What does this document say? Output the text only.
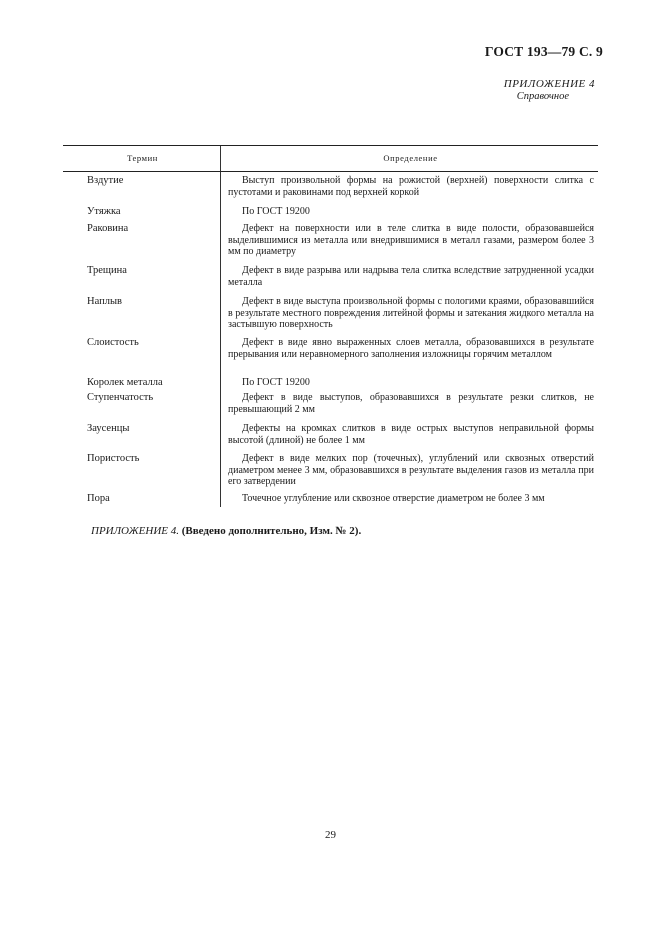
ГОСТ 193—79 С. 9
ПРИЛОЖЕНИЕ 4
Справочное
Термин	Определение
Вздутие	Выступ произвольной формы на рожистой (верхней) поверхности слитка с пустотами и раковинами под верхней коркой
Утяжка	По ГОСТ 19200
Раковина	Дефект на поверхности или в теле слитка в виде полости, образовавшейся выделившимися из металла или внедрившимися в металл газами, размером более 3 мм по диаметру
Трещина	Дефект в виде разрыва или надрыва тела слитка вследствие затрудненной усадки металла
Наплыв	Дефект в виде выступа произвольной формы с пологими краями, образовавшийся в результате местного повреждения литейной формы и затекания жидкого металла на застывшую поверхность
Слоистость	Дефект в виде явно выраженных слоев металла, образовавшихся в результате прерывания или неравномерного заполнения изложницы горячим металлом
Королек металла	По ГОСТ 19200
Ступенчатость	Дефект в виде выступов, образовавшихся в результате резки слитков, не превышающий 2 мм
Заусенцы	Дефекты на кромках слитков в виде острых выступов неправильной формы высотой (длиной) не более 1 мм
Пористость	Дефект в виде мелких пор (точечных), углублений или сквозных отверстий диаметром менее 3 мм, образовавшихся в результате выделения газов из металла при его затвердении
Пора	Точечное углубление или сквозное отверстие диаметром не более 3 мм
ПРИЛОЖЕНИЕ 4. (Введено дополнительно, Изм. № 2).
29
